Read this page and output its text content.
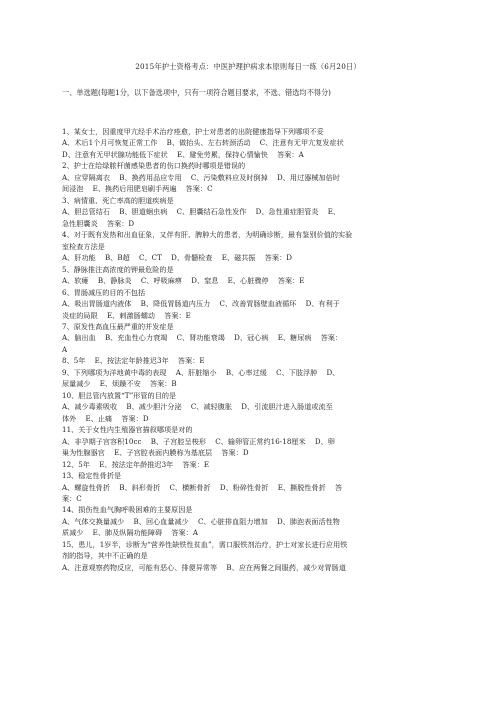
2015年护士资格考点：中医护理护病求本原则每日一练（6月20日）
一、单选题(每题1分，以下备选项中，只有一项符合题目要求，不选、错选均不得分)
1、某女士，因重度甲亢经手术治疗痊愈，护士对患者的出院健康指导下列哪项不妥
A、术后1个月可恢复正常工作    B、做抬头、左右转颈活动    C、注意有无甲亢复发症状
D、注意有无甲状腺功能低下症状    E、避免劳累，保持心情愉快    答案：A
2、护士在给绿脓杆菌感染患者的伤口换药时哪项是错误的
A、应穿隔离衣    B、换药用品应专用    C、污染敷料应及时倒掉    D、用过器械加倍时
间浸泡    E、换药后用肥皂刷手两遍    答案：C
3、病情重、死亡率高的胆道疾病是
A、胆总管结石    B、胆道蛔虫病    C、胆囊结石急性发作    D、急性重症胆管炎    E、
急性胆囊炎    答案：D
4、对于既有发热和出血征象，又伴有肝、脾肿大的患者，为明确诊断，最有鉴别价值的实验
室检查方法是
A、肝功能    B、B超    C、CT    D、骨髓检查    E、磁共振    答案：D
5、静脉推注高浓度的钾最危险的是
A、软瘫    B、静脉炎    C、呼吸麻痹    D、窒息    E、心脏骤停    答案：E
6、胃肠减压的目的不包括
A、吸出胃肠道内液体    B、降低胃肠道内压力    C、改善胃肠壁血液循环    D、有利于
炎症的局限    E、刺激肠蠕动    答案：E
7、原发性高血压最严重的并发症是
A、脑出血    B、充血性心力衰竭    C、肾功能衰竭    D、冠心病    E、糖尿病    答案：
A
8、5年    E、按法定年龄推迟3年    答案：E
9、下列哪项为洋地黄中毒的表现    A、肝脏缩小    B、心率过缓    C、下肢浮肿    D、
尿量减少    E、烦躁不安    答案：B
10、胆总管内放置“T”形管的目的是
A、减少毒素吸收    B、减少胆汁分泌    C、减轻腹胀    D、引流胆汁进入肠道或流至
体外    E、止痛    答案：D
11、关于女性内生殖器官描叙哪项是对的
A、非孕期子宫容积10cc    B、子宫腔呈梭形    C、输卵管正常约16-18厘米    D、卵
巢为性腺器官    E、子宫腔表面内膜称为基底层    答案：D
12、5年    E、按法定年龄推迟3年    答案：E
13、稳定性骨折是
A、螺旋性骨折    B、斜形骨折    C、横断骨折    D、粉碎性骨折    E、撕脱性骨折    答
案：C
14、损伤性血气胸呼吸困难的主要原因是
A、气体交换量减少    B、回心血量减少    C、心脏排血阻力增加    D、肺泡表面活性物
质减少    E、肺及纵隔功能障碍    答案：A
15、患儿，1岁半，诊断为“营养性缺铁性贫血”，需口服铁剂治疗，护士对家长进行应用铁
剂的指导，其中不正确的是
A、注意观察药物反应，可能有恶心、排便异常等    B、应在两餐之间服药，减少对胃肠道
